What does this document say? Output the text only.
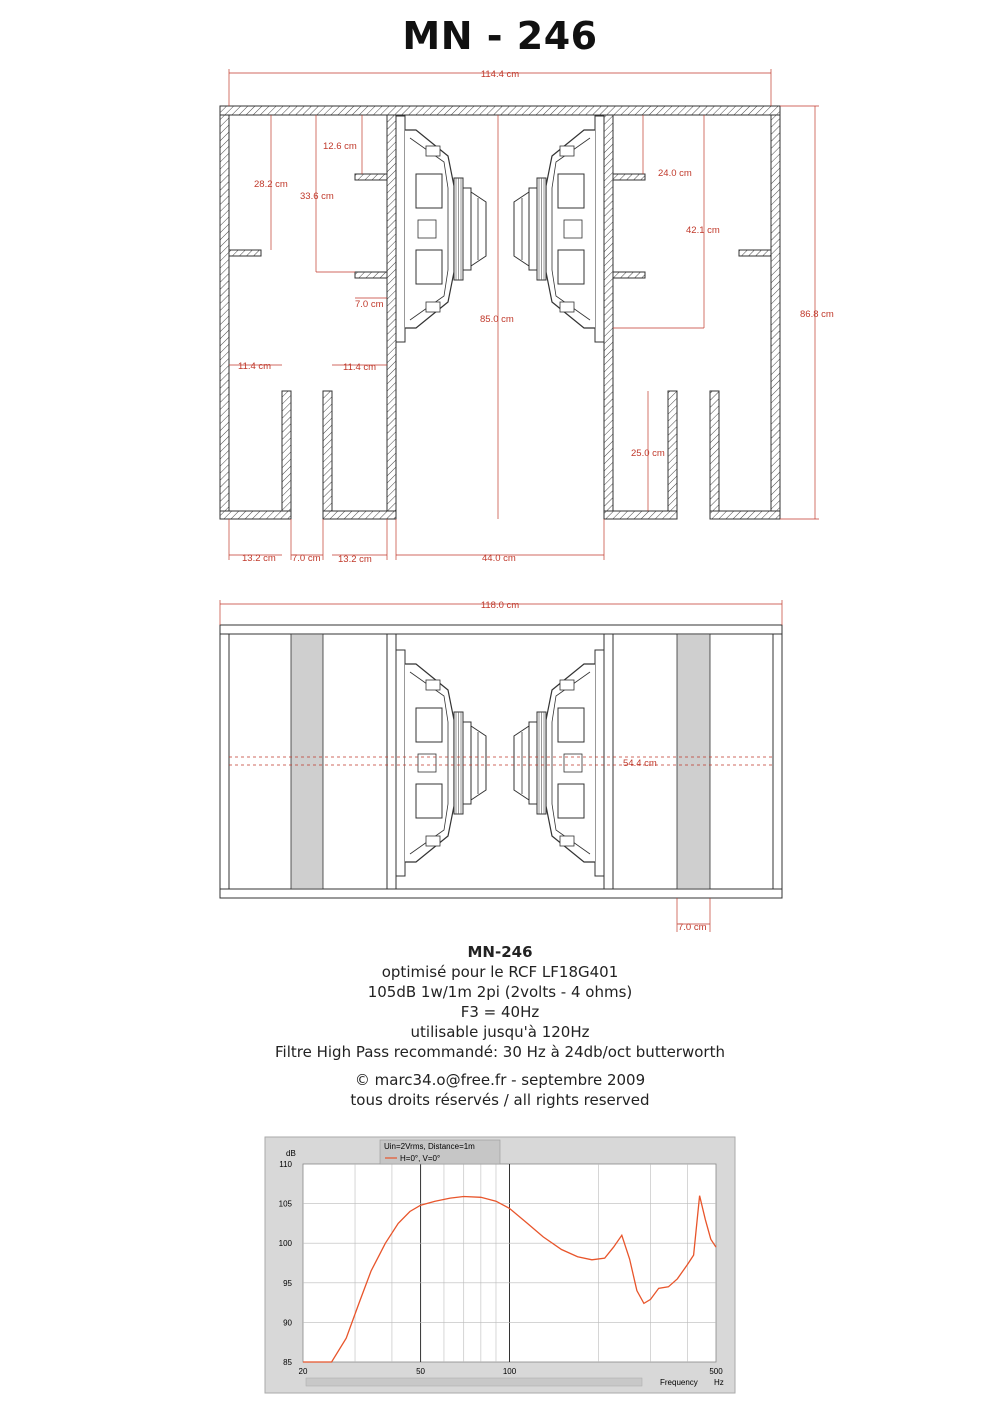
MN - 246
114.4 cm
86.8 cm
12.6 cm
28.2 cm
33.6 cm
7.0 cm
24.0 cm
42.1 cm
85.0 cm
11.4 cm	11.4 cm
25.0 cm
13.2 cm 7.0 cm 13.2 cm	44.0 cm
118.0 cm
54.4 cm
7.0 cm
Uin=2Vrms, Distance=1m
H=0°, V=0°
dB
110
105
100
95
90
85
20	50	100	500
Frequency Hz
MN-246
optimisé pour le RCF LF18G401
105dB 1w/1m 2pi (2volts - 4 ohms)
F3 = 40Hz
utilisable jusqu'à 120Hz
Filtre High Pass recommandé: 30 Hz à 24db/oct butterworth
© marc34.o@free.fr - septembre 2009
tous droits réservés / all rights reserved
